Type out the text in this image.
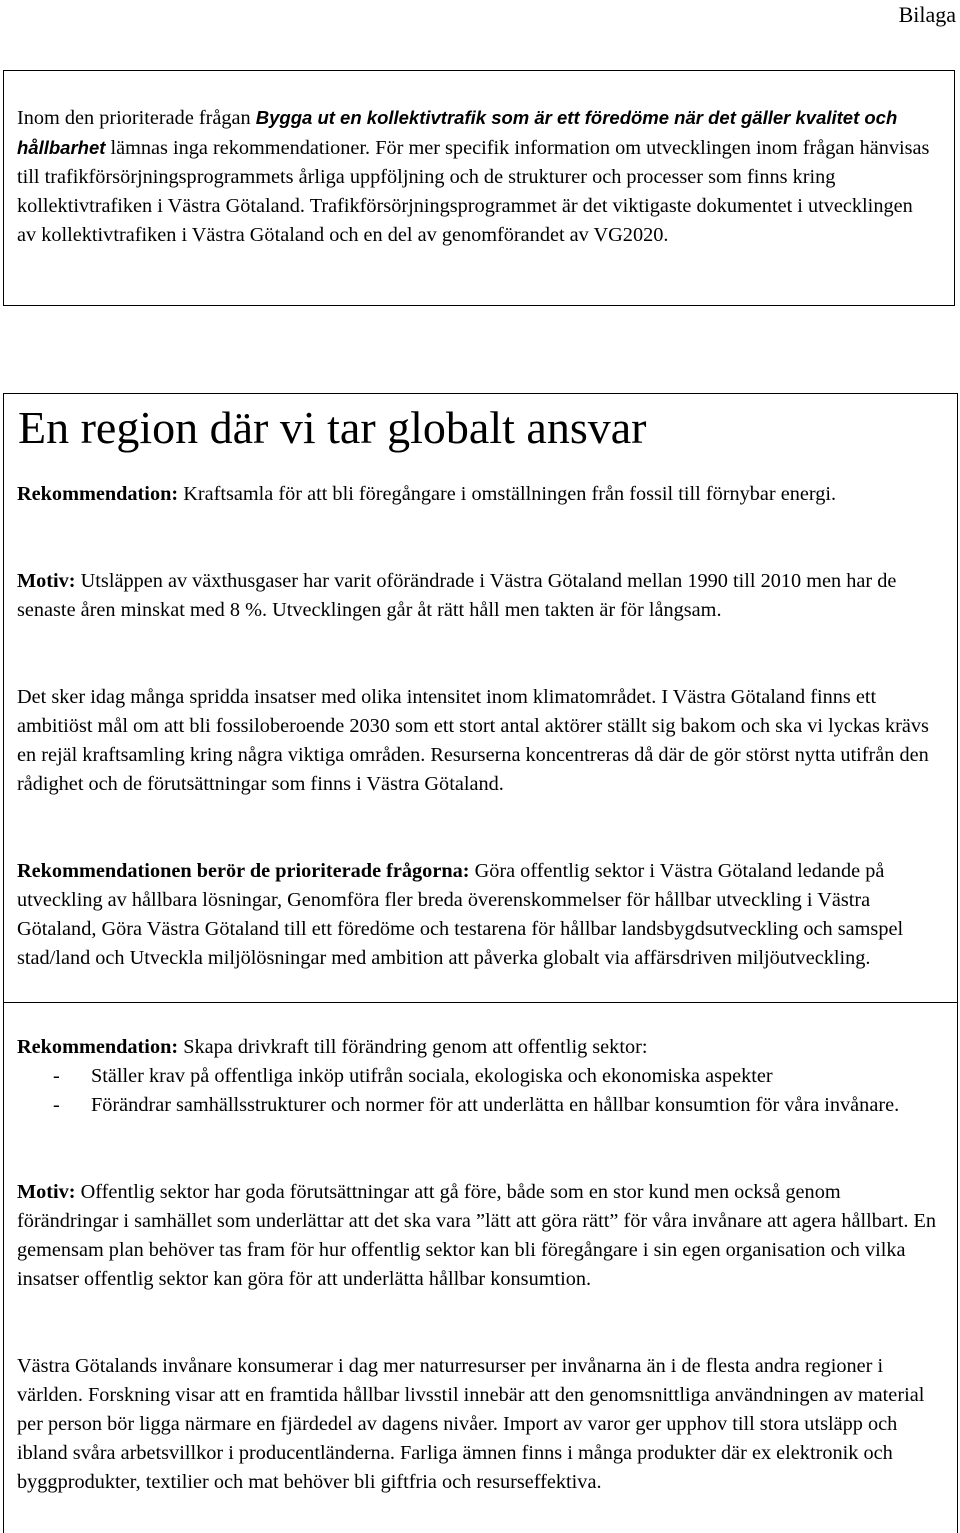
Bilaga

Inom den prioriterade frågan Bygga ut en kollektivtrafik som är ett föredöme när det gäller kvalitet och hållbarhet lämnas inga rekommendationer. För mer specifik information om utvecklingen inom frågan hänvisas till trafikförsörjningsprogrammets årliga uppföljning och de strukturer och processer som finns kring kollektivtrafiken i Västra Götaland. Trafikförsörjningsprogrammet är det viktigaste dokumentet i utvecklingen av kollektivtrafiken i Västra Götaland och en del av genomförandet av VG2020.

En region där vi tar globalt ansvar

Rekommendation: Kraftsamla för att bli föregångare i omställningen från fossil till förnybar energi.

Motiv: Utsläppen av växthusgaser har varit oförändrade i Västra Götaland mellan 1990 till 2010 men har de senaste åren minskat med 8 %. Utvecklingen går åt rätt håll men takten är för långsam.

Det sker idag många spridda insatser med olika intensitet inom klimatområdet. I Västra Götaland finns ett ambitiöst mål om att bli fossiloberoende 2030 som ett stort antal aktörer ställt sig bakom och ska vi lyckas krävs en rejäl kraftsamling kring några viktiga områden. Resurserna koncentreras då där de gör störst nytta utifrån den rådighet och de förutsättningar som finns i Västra Götaland.

Rekommendationen berör de prioriterade frågorna: Göra offentlig sektor i Västra Götaland ledande på utveckling av hållbara lösningar, Genomföra fler breda överenskommelser för hållbar utveckling i Västra Götaland, Göra Västra Götaland till ett föredöme och testarena för hållbar landsbygdsutveckling och samspel stad/land och Utveckla miljölösningar med ambition att påverka globalt via affärsdriven miljöutveckling.

Rekommendation: Skapa drivkraft till förändring genom att offentlig sektor:

- Ställer krav på offentliga inköp utifrån sociala, ekologiska och ekonomiska aspekter
- Förändrar samhällsstrukturer och normer för att underlätta en hållbar konsumtion för våra invånare.

Motiv: Offentlig sektor har goda förutsättningar att gå före, både som en stor kund men också genom förändringar i samhället som underlättar att det ska vara ”lätt att göra rätt” för våra invånare att agera hållbart. En gemensam plan behöver tas fram för hur offentlig sektor kan bli föregångare i sin egen organisation och vilka insatser offentlig sektor kan göra för att underlätta hållbar konsumtion.

Västra Götalands invånare konsumerar i dag mer naturresurser per invånarna än i de flesta andra regioner i världen. Forskning visar att en framtida hållbar livsstil innebär att den genomsnittliga användningen av material per person bör ligga närmare en fjärdedel av dagens nivåer. Import av varor ger upphov till stora utsläpp och ibland svåra arbetsvillkor i producentländerna. Farliga ämnen finns i många produkter där ex elektronik och byggprodukter, textilier och mat behöver bli giftfria och resurseffektiva.
